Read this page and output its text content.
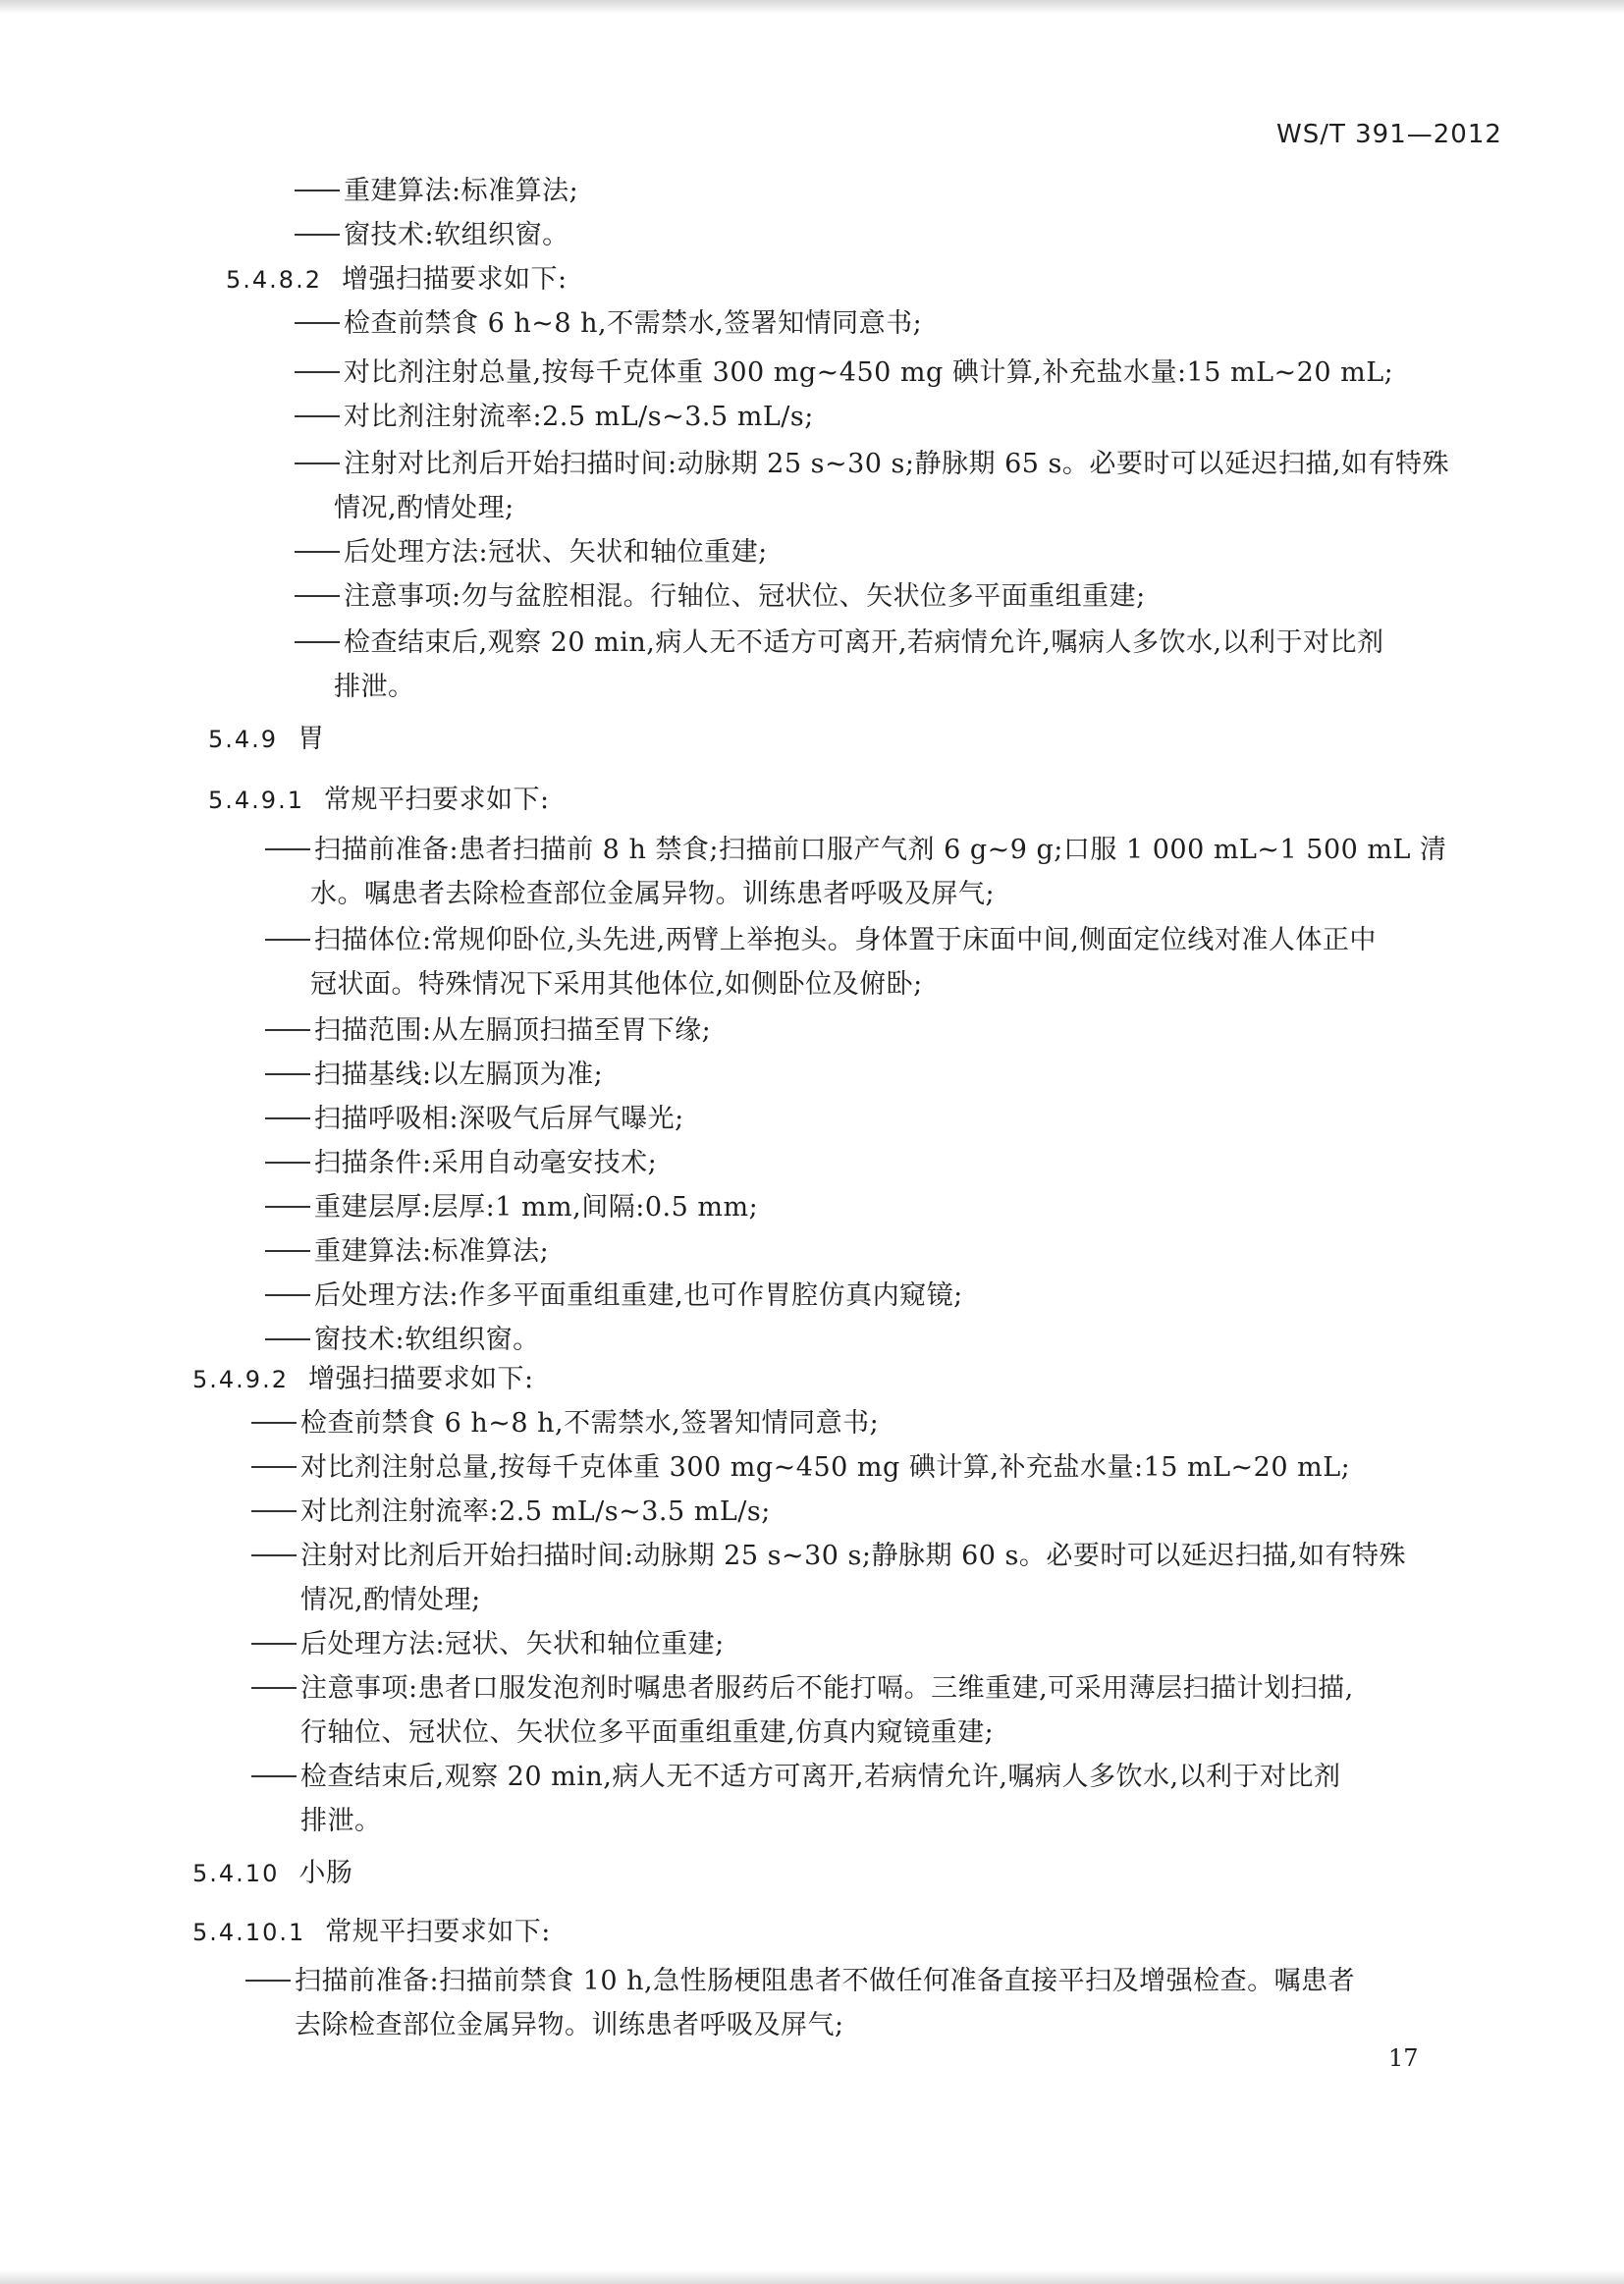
WS/T 391—2012
重建算法:标准算法;
窗技术:软组织窗。
5.4.8.2 增强扫描要求如下:
检查前禁食 6 h~8 h,不需禁水,签署知情同意书;
对比剂注射总量,按每千克体重 300 mg~450 mg 碘计算,补充盐水量:15 mL~20 mL;
对比剂注射流率:2.5 mL/s~3.5 mL/s;
注射对比剂后开始扫描时间:动脉期 25 s~30 s;静脉期 65 s。必要时可以延迟扫描,如有特殊
情况,酌情处理;
后处理方法:冠状、矢状和轴位重建;
注意事项:勿与盆腔相混。行轴位、冠状位、矢状位多平面重组重建;
检查结束后,观察 20 min,病人无不适方可离开,若病情允许,嘱病人多饮水,以利于对比剂
排泄。
5.4.9 胃
5.4.9.1 常规平扫要求如下:
扫描前准备:患者扫描前 8 h 禁食;扫描前口服产气剂 6 g~9 g;口服 1 000 mL~1 500 mL 清
水。嘱患者去除检查部位金属异物。训练患者呼吸及屏气;
扫描体位:常规仰卧位,头先进,两臂上举抱头。身体置于床面中间,侧面定位线对准人体正中
冠状面。特殊情况下采用其他体位,如侧卧位及俯卧;
扫描范围:从左膈顶扫描至胃下缘;
扫描基线:以左膈顶为准;
扫描呼吸相:深吸气后屏气曝光;
扫描条件:采用自动毫安技术;
重建层厚:层厚:1 mm,间隔:0.5 mm;
重建算法:标准算法;
后处理方法:作多平面重组重建,也可作胃腔仿真内窥镜;
窗技术:软组织窗。
5.4.9.2 增强扫描要求如下:
检查前禁食 6 h~8 h,不需禁水,签署知情同意书;
对比剂注射总量,按每千克体重 300 mg~450 mg 碘计算,补充盐水量:15 mL~20 mL;
对比剂注射流率:2.5 mL/s~3.5 mL/s;
注射对比剂后开始扫描时间:动脉期 25 s~30 s;静脉期 60 s。必要时可以延迟扫描,如有特殊
情况,酌情处理;
后处理方法:冠状、矢状和轴位重建;
注意事项:患者口服发泡剂时嘱患者服药后不能打嗝。三维重建,可采用薄层扫描计划扫描,
行轴位、冠状位、矢状位多平面重组重建,仿真内窥镜重建;
检查结束后,观察 20 min,病人无不适方可离开,若病情允许,嘱病人多饮水,以利于对比剂
排泄。
5.4.10 小肠
5.4.10.1 常规平扫要求如下:
扫描前准备:扫描前禁食 10 h,急性肠梗阻患者不做任何准备直接平扫及增强检查。嘱患者
去除检查部位金属异物。训练患者呼吸及屏气;
17
